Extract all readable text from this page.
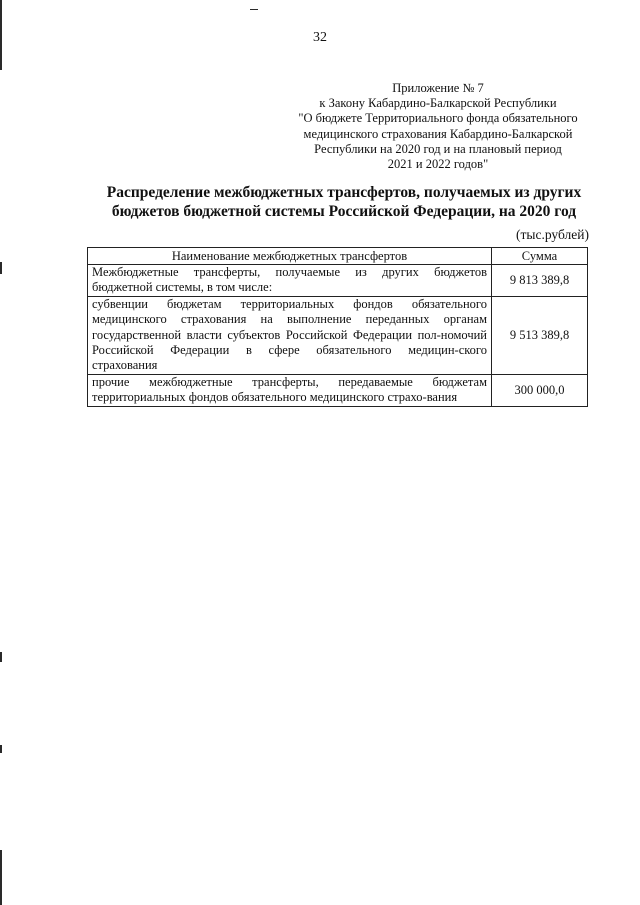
32
Приложение № 7
к Закону Кабардино-Балкарской Республики
"О бюджете Территориального фонда обязательного
медицинского страхования Кабардино-Балкарской
Республики на 2020 год и на плановый период
2021 и 2022 годов"
Распределение межбюджетных трансфертов, получаемых из других
бюджетов бюджетной системы Российской Федерации, на 2020 год
(тыс.рублей)
Наименование межбюджетных трансфертов	Сумма
Межбюджетные трансферты, получаемые из других бюджетов бюджетной системы, в том числе:	9 813 389,8
субвенции бюджетам территориальных фондов обязательного медицинского страхования на выполнение переданных органам государственной власти субъектов Российской Федерации пол-номочий Российской Федерации в сфере обязательного медицин-ского страхования	9 513 389,8
прочие межбюджетные трансферты, передаваемые бюджетам территориальных фондов обязательного медицинского страхо-вания	300 000,0
